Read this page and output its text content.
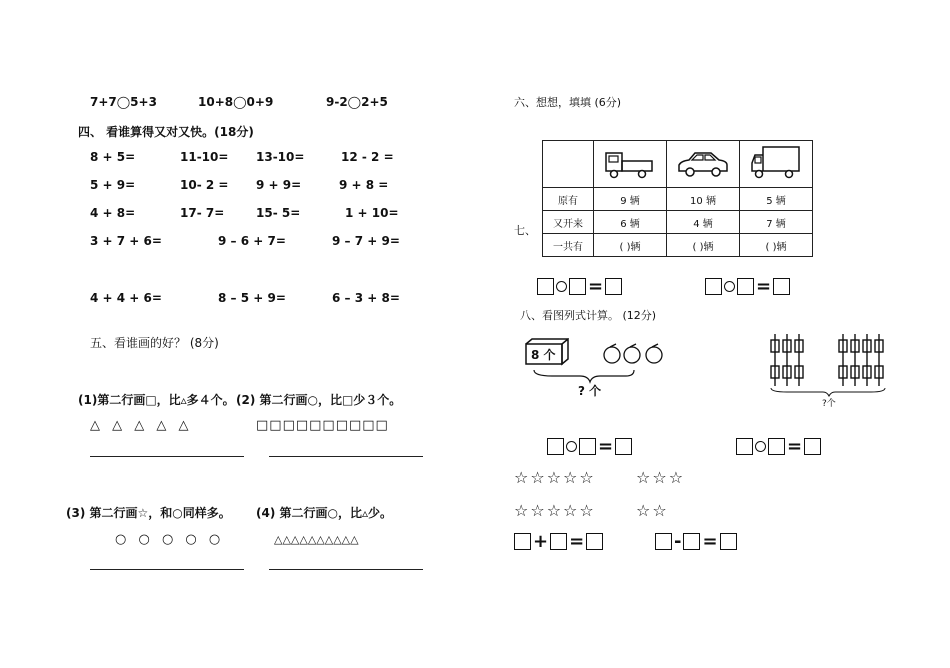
7+7◯5+3	10+8◯0+9	9-2◯2+5
四、 看谁算得又对又快。(18分)
8 + 5=	11-10= 13-10=	12 - 2 =
5 + 9=	10- 2 = 9 + 9=	9 + 8 =
4 + 8=	17- 7=	15- 5=	1 + 10=
3 + 7 + 6=	9 – 6 + 7=	9 – 7 + 9=
4 + 4 + 6=	8 – 5 + 9=	6 – 3 + 8=
五、看谁画的好？ (8分)
(1)第二行画□，比▵多４个。 (2) 第二行画○，比□少３个。
△ △ △ △ △	□□□□□□□□□□
(3) 第二行画☆，和○同样多。 (4) 第二行画○，比▵少。
○ ○ ○ ○ ○	△△△△△△△△△△
六、想想，填填 (6分)
七、

原有	9 辆	10 辆	5 辆
又开来	6 辆	4 辆	7 辆
一共有	( )辆	( )辆	( )辆
=	=
八、看图列式计算。 (12分)
8 个
? 个
?个
=	=
☆☆☆☆☆	☆☆☆
☆☆☆☆☆	☆☆
+ =	- =
